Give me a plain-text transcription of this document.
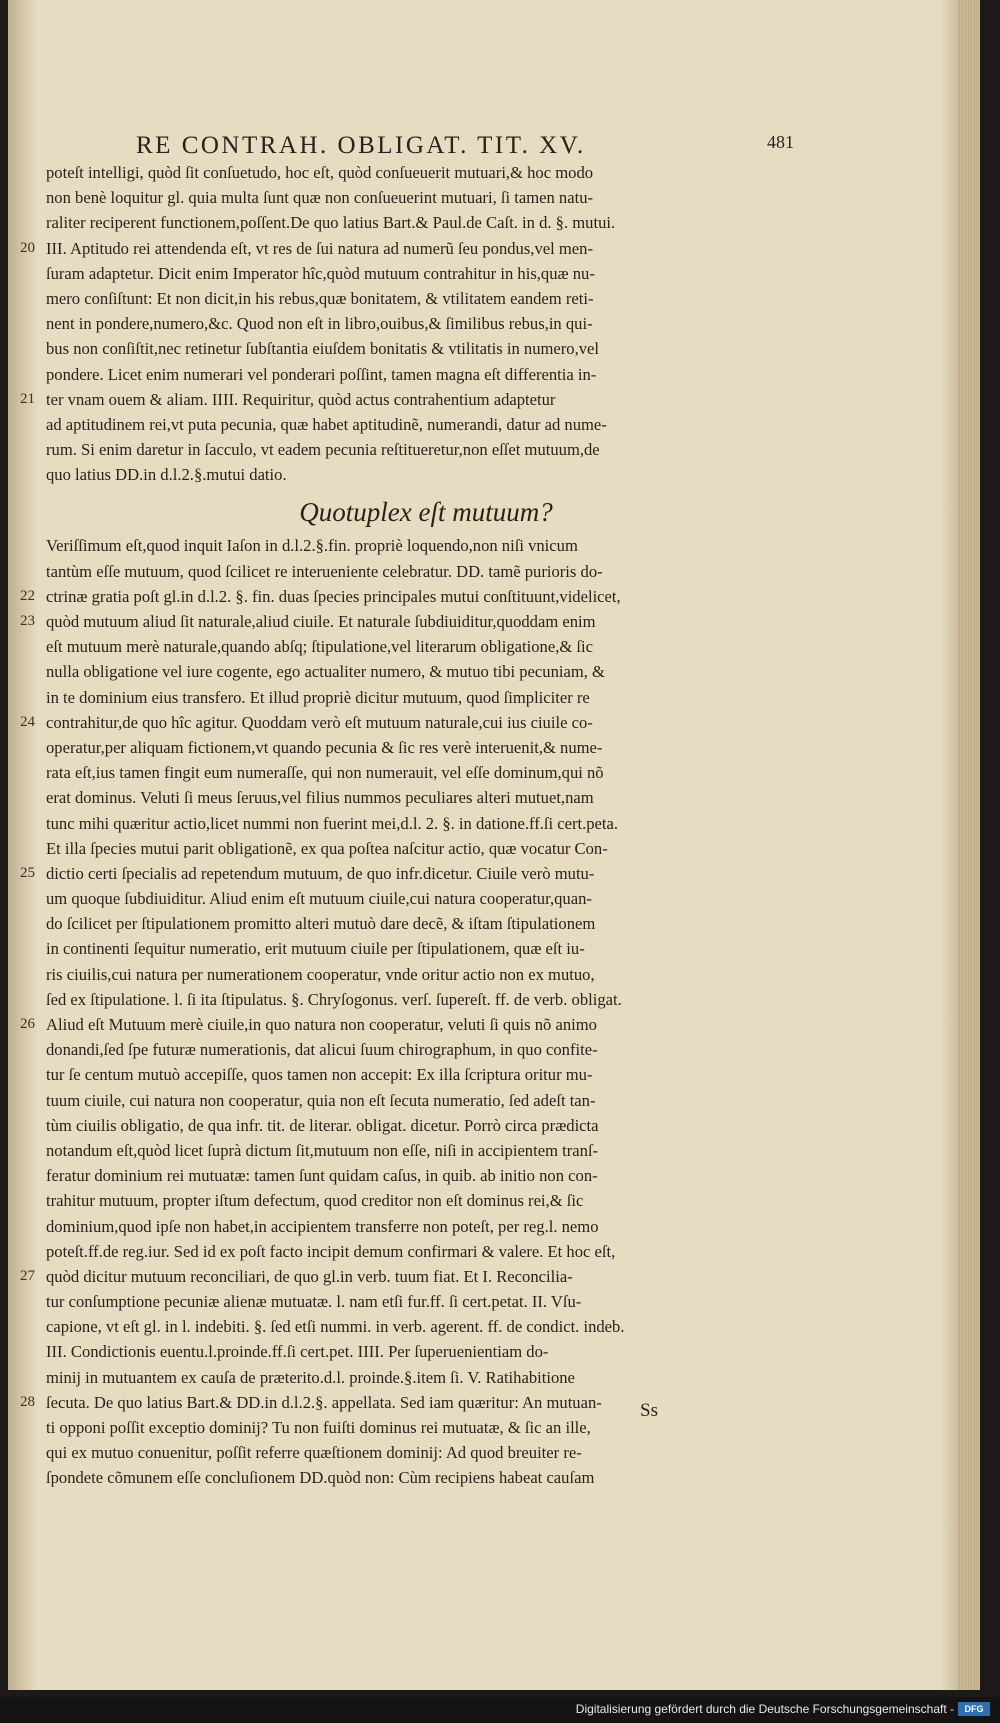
RE CONTRAH. OBLIGAT. TIT. XV.	481
poteſt intelligi, quòd ſit conſuetudo, hoc eſt, quòd conſueuerit mutuari,& hoc modo
non benè loquitur gl. quia multa ſunt quæ non conſueuerint mutuari, ſi tamen natu-
raliter reciperent functionem,poſſent.De quo latius Bart.& Paul.de Caſt. in d. §. mutui.
20 III. Aptitudo rei attendenda eſt, vt res de ſui natura ad numerũ ſeu pondus,vel men-
ſuram adaptetur. Dicit enim Imperator hîc,quòd mutuum contrahitur in his,quæ nu-
mero conſiſtunt: Et non dicit,in his rebus,quæ bonitatem, & vtilitatem eandem reti-
nent in pondere,numero,&c. Quod non eſt in libro,ouibus,& ſimilibus rebus,in qui-
bus non conſiſtit,nec retinetur ſubſtantia eiuſdem bonitatis & vtilitatis in numero,vel
pondere. Licet enim numerari vel ponderari poſſint, tamen magna eſt differentia in-
21 ter vnam ouem & aliam. IIII. Requiritur, quòd actus contrahentium adaptetur
ad aptitudinem rei,vt puta pecunia, quæ habet aptitudinẽ, numerandi, datur ad nume-
rum. Si enim daretur in ſacculo, vt eadem pecunia reſtitueretur,non eſſet mutuum,de
quo latius DD.in d.l.2.§.mutui datio.
Quotuplex eſt mutuum?
Veriſſimum eſt,quod inquit Iaſon in d.l.2.§.fin. propriè loquendo,non niſi vnicum
tantùm eſſe mutuum, quod ſcilicet re interueniente celebratur. DD. tamẽ purioris do-
22 ctrinæ gratia poſt gl.in d.l.2. §. fin. duas ſpecies principales mutui conſtituunt,videlicet,
23 quòd mutuum aliud ſit naturale,aliud ciuile. Et naturale ſubdiuiditur,quoddam enim
eſt mutuum merè naturale,quando abſq; ſtipulatione,vel literarum obligatione,& ſic
nulla obligatione vel iure cogente, ego actualiter numero, & mutuo tibi pecuniam, &
in te dominium eius transfero. Et illud propriè dicitur mutuum, quod ſimpliciter re
24 contrahitur,de quo hîc agitur. Quoddam verò eſt mutuum naturale,cui ius ciuile co-
operatur,per aliquam fictionem,vt quando pecunia & ſic res verè interuenit,& nume-
rata eſt,ius tamen fingit eum numeraſſe, qui non numerauit, vel eſſe dominum,qui nõ
erat dominus. Veluti ſi meus ſeruus,vel filius nummos peculiares alteri mutuet,nam
tunc mihi quæritur actio,licet nummi non fuerint mei,d.l. 2. §. in datione.ff.ſi cert.peta.
Et illa ſpecies mutui parit obligationẽ, ex qua poſtea naſcitur actio, quæ vocatur Con-
25 dictio certi ſpecialis ad repetendum mutuum, de quo infr.dicetur. Ciuile verò mutu-
um quoque ſubdiuiditur. Aliud enim eſt mutuum ciuile,cui natura cooperatur,quan-
do ſcilicet per ſtipulationem promitto alteri mutuò dare decẽ, & iſtam ſtipulationem
in continenti ſequitur numeratio, erit mutuum ciuile per ſtipulationem, quæ eſt iu-
ris ciuilis,cui natura per numerationem cooperatur, vnde oritur actio non ex mutuo,
ſed ex ſtipulatione. l. ſi ita ſtipulatus. §. Chryſogonus. verſ. ſupereſt. ff. de verb. obligat.
26 Aliud eſt Mutuum merè ciuile,in quo natura non cooperatur, veluti ſi quis nõ animo
donandi,ſed ſpe futuræ numerationis, dat alicui ſuum chirographum, in quo confite-
tur ſe centum mutuò accepiſſe, quos tamen non accepit: Ex illa ſcriptura oritur mu-
tuum ciuile, cui natura non cooperatur, quia non eſt ſecuta numeratio, ſed adeſt tan-
tùm ciuilis obligatio, de qua infr. tit. de literar. obligat. dicetur. Porrò circa prædicta
notandum eſt,quòd licet ſuprà dictum ſit,mutuum non eſſe, niſi in accipientem tranſ-
feratur dominium rei mutuatæ: tamen ſunt quidam caſus, in quib. ab initio non con-
trahitur mutuum, propter iſtum defectum, quod creditor non eſt dominus rei,& ſic
dominium,quod ipſe non habet,in accipientem transferre non poteſt, per reg.l. nemo
poteſt.ff.de reg.iur. Sed id ex poſt facto incipit demum confirmari & valere. Et hoc eſt,
27 quòd dicitur mutuum reconciliari, de quo gl.in verb. tuum fiat. Et I. Reconcilia-
tur conſumptione pecuniæ alienæ mutuatæ. l. nam etſi fur.ff. ſi cert.petat. II. Vſu-
capione, vt eſt gl. in l. indebiti. §. ſed etſi nummi. in verb. agerent. ff. de condict. indeb.
III. Condictionis euentu.l.proinde.ff.ſi cert.pet. IIII. Per ſuperuenientiam do-
minij in mutuantem ex cauſa de præterito.d.l. proinde.§.item ſi. V. Ratihabitione
28 ſecuta. De quo latius Bart.& DD.in d.l.2.§. appellata. Sed iam quæritur: An mutuan-
ti opponi poſſit exceptio dominij? Tu non fuiſti dominus rei mutuatæ, & ſic an ille,
qui ex mutuo conuenitur, poſſit referre quæſtionem dominij: Ad quod breuiter re-
ſpondete cõmunem eſſe concluſionem DD.quòd non: Cùm recipiens habeat cauſam
Ss
Digitalisierung gefördert durch die Deutsche Forschungsgemeinschaft -	DFG
